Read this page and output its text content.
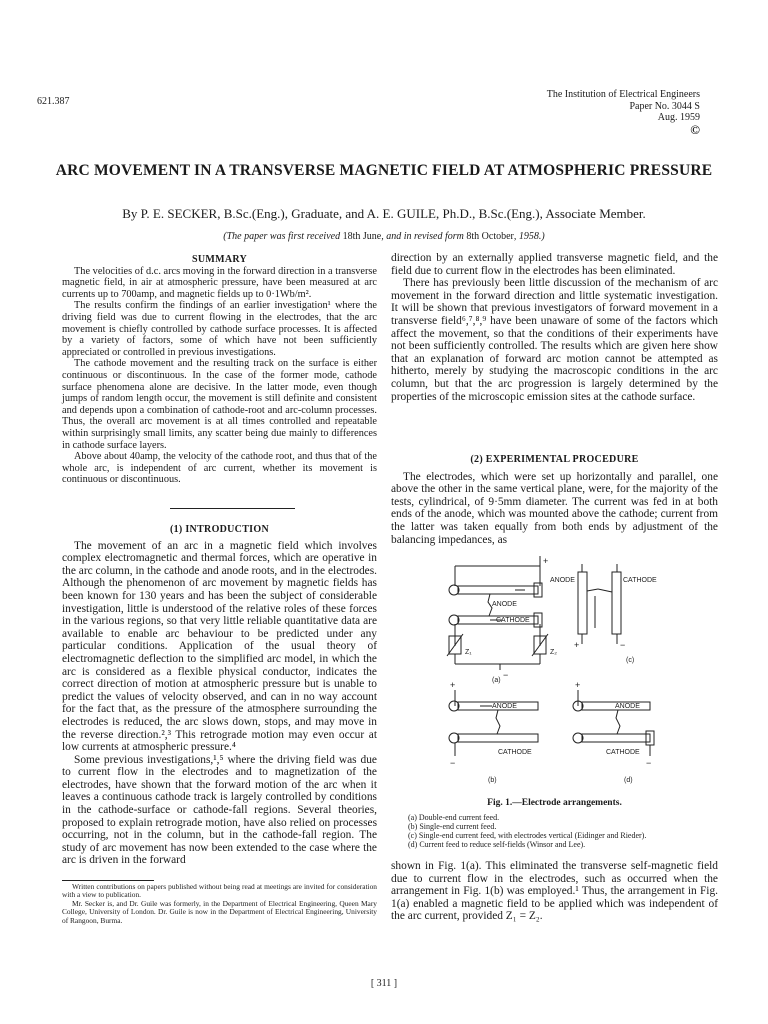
621.387
The Institution of Electrical Engineers
Paper No. 3044 S
Aug. 1959
©
ARC MOVEMENT IN A TRANSVERSE MAGNETIC FIELD AT ATMOSPHERIC PRESSURE
By P. E. SECKER, B.Sc.(Eng.), Graduate, and A. E. GUILE, Ph.D., B.Sc.(Eng.), Associate Member.
(The paper was first received 18th June, and in revised form 8th October, 1958.)
SUMMARY

The velocities of d.c. arcs moving in the forward direction in a transverse magnetic field, in air at atmospheric pressure, have been measured at arc currents up to 700amp, and magnetic fields up to 0·1Wb/m².

The results confirm the findings of an earlier investigation¹ where the driving field was due to current flowing in the electrodes, that the arc movement is chiefly controlled by cathode surface processes. It is affected by a variety of factors, some of which have not been sufficiently appreciated or controlled in previous investigations.

The cathode movement and the resulting track on the surface is either continuous or discontinuous. In the case of the former mode, cathode surface phenomena alone are decisive. In the latter mode, even though jumps of random length occur, the movement is still definite and consistent and depends upon a combination of cathode-root and arc-column processes. Thus, the overall arc movement is at all times controlled and repeatable within surprisingly small limits, any scatter being due mainly to differences in cathode surface layers.

Above about 40amp, the velocity of the cathode root, and thus that of the whole arc, is independent of arc current, whether its movement is continuous or discontinuous.

(1) INTRODUCTION

The movement of an arc in a magnetic field which involves complex electromagnetic and thermal forces, which are operative in the arc column, in the cathode and anode roots, and in the electrodes. Although the phenomenon of arc movement by magnetic fields has been known for 130 years and has been the subject of considerable investigation, little is understood of the relative roles of these forces in the various regions, so that very little reliable quantitative data are available to enable arc behaviour to be predicted under any particular conditions. Application of the usual theory of electromagnetic deflection to the simplified arc model, in which the arc is considered as a flexible physical conductor, indicates the correct direction of motion at atmospheric pressure but is unable to predict the values of velocity observed, and can in no way account for the fact that, as the pressure of the atmosphere surrounding the electrodes is reduced, the arc slows down, stops, and may move in the reverse direction.²,³ This retrograde motion may even occur at low currents at atmospheric pressure.⁴

Some previous investigations,¹,⁵ where the driving field was due to current flow in the electrodes and to magnetization of the electrodes, have shown that the forward motion of the arc when it leaves a continuous cathode track is largely controlled by conditions in the cathode-surface or cathode-fall regions. Several theories, proposed to explain retrograde motion, have also relied on processes occurring, not in the column, but in the cathode-fall region. The study of arc movement has now been extended to the case where the arc is driven in the forward

Written contributions on papers published without being read at meetings are invited for consideration with a view to publication.

Mr. Secker is, and Dr. Guile was formerly, in the Department of Electrical Engineering, Queen Mary College, University of London. Dr. Guile is now in the Department of Electrical Engineering, University of Rangoon, Burma.

direction by an externally applied transverse magnetic field, and the field due to current flow in the electrodes has been eliminated.

There has previously been little discussion of the mechanism of arc movement in the forward direction and little systematic investigation. It will be shown that previous investigators of forward movement in a transverse field⁶,⁷,⁸,⁹ have been unaware of some of the factors which affect the movement, so that the conditions of their experiments have not been sufficiently controlled. The results which are given here show that an explanation of forward arc motion cannot be attempted as hitherto, merely by studying the macroscopic conditions in the arc column, but that the arc progression is largely determined by the properties of the microscopic emission sites at the cathode surface.

(2) EXPERIMENTAL PROCEDURE

The electrodes, which were set up horizontally and parallel, one above the other in the same vertical plane, were, for the majority of the tests, cylindrical, of 9·5mm diameter. The current was fed in at both ends of the anode, which was mounted above the cathode; current from the latter was taken equally from both ends by adjustment of the balancing impedances, as

ANODE
CATHODE
Z₁	Z₂
+
−
(a)
ANODE	CATHODE
+	−
(c)
ANODE
CATHODE
+
−
(b)
ANODE
CATHODE
+
−
(d)
Fig. 1.—Electrode arrangements.
(a) Double-end current feed.
(b) Single-end current feed.
(c) Single-end current feed, with electrodes vertical (Eidinger and Rieder).
(d) Current feed to reduce self-fields (Winsor and Lee).

shown in Fig. 1(a). This eliminated the transverse self-magnetic field due to current flow in the electrodes, such as occurred when the arrangement in Fig. 1(b) was employed.¹ Thus, the arrangement in Fig. 1(a) enabled a magnetic field to be applied which was independent of the arc current, provided Z₁ = Z₂.

[ 311 ]
